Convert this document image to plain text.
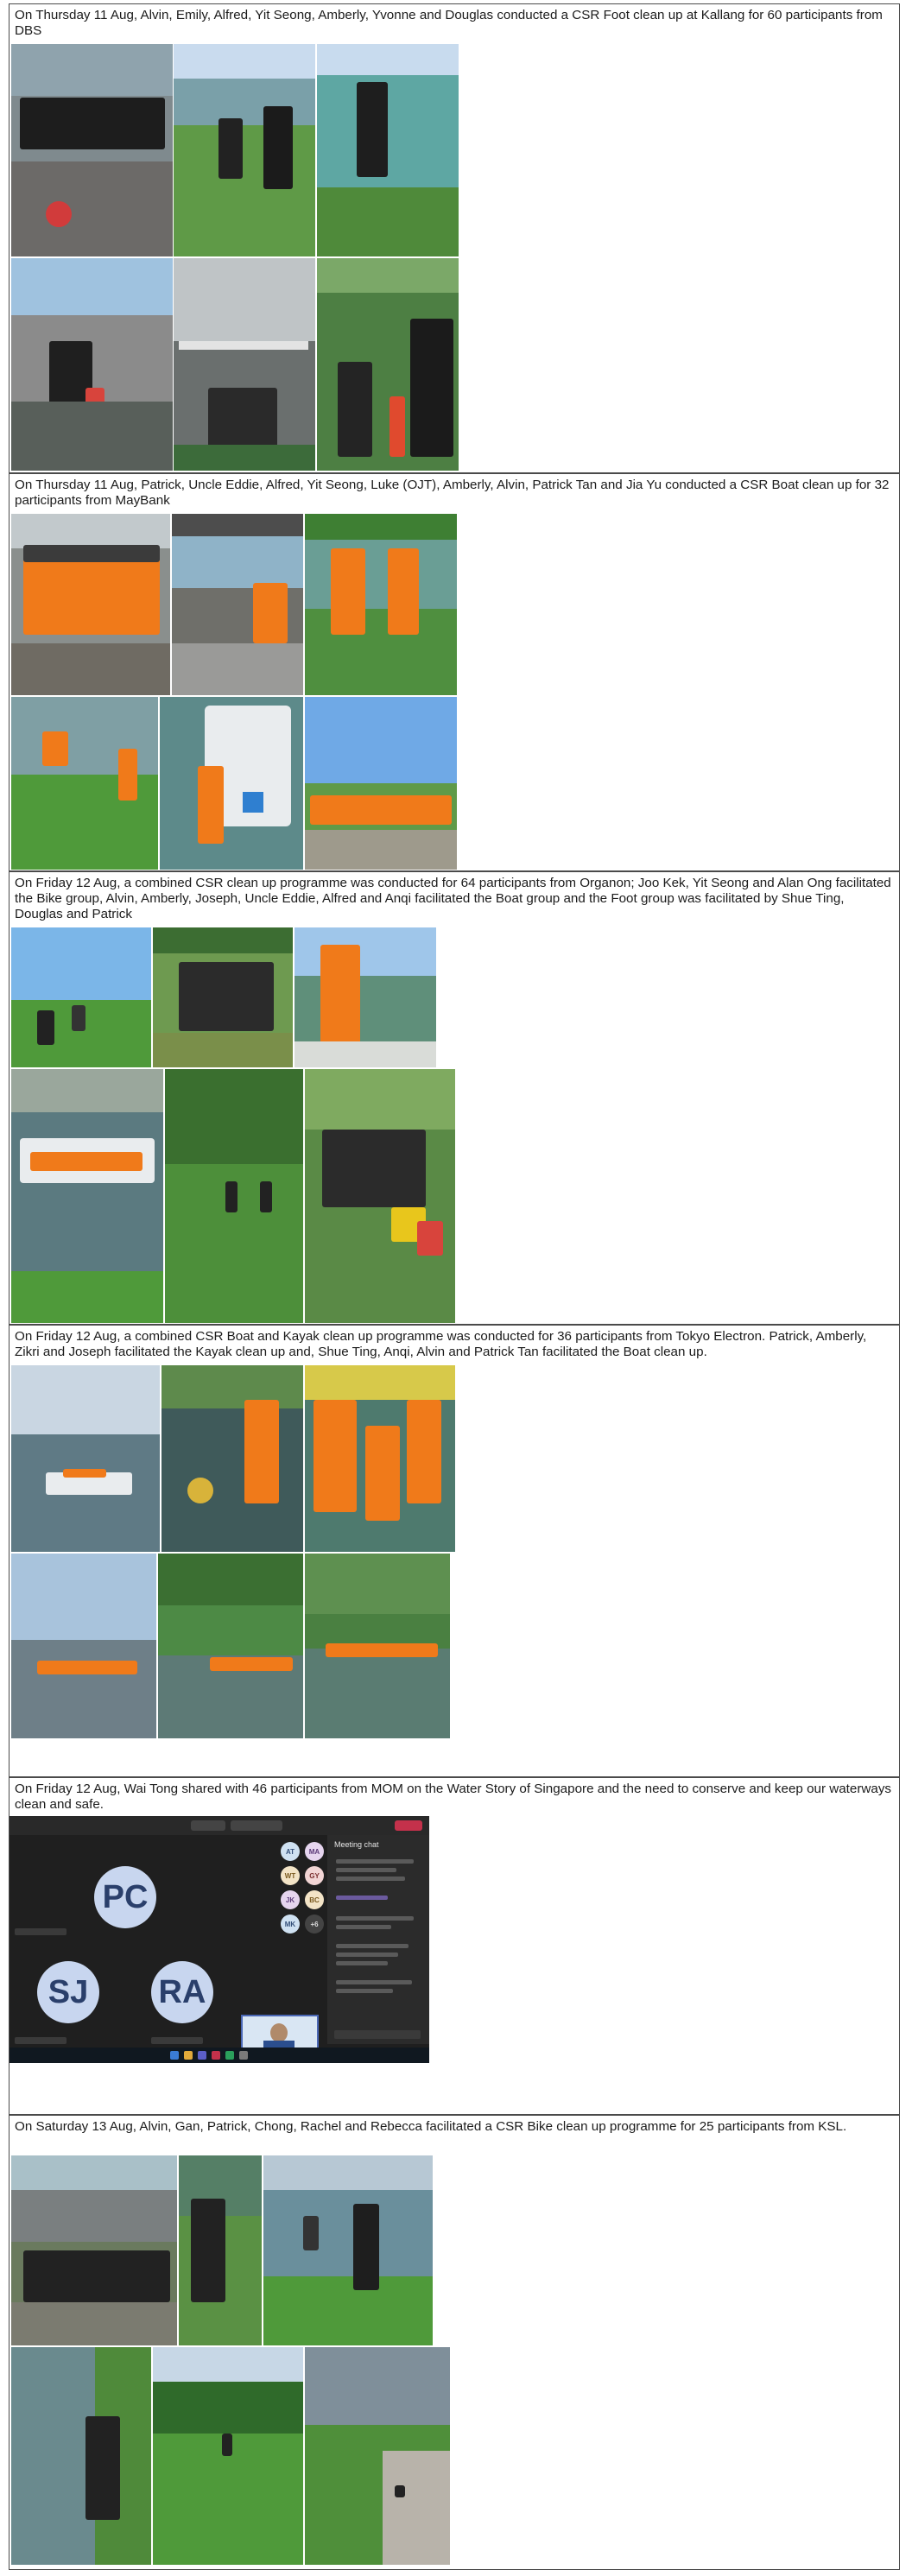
On Thursday 11 Aug, Alvin, Emily, Alfred, Yit Seong, Amberly, Yvonne and Douglas conducted a CSR Foot clean up at Kallang for 60 participants from DBS
On Thursday 11 Aug, Patrick, Uncle Eddie, Alfred, Yit Seong, Luke (OJT), Amberly, Alvin, Patrick Tan and Jia Yu conducted a CSR Boat clean up for 32 participants from MayBank
On Friday 12 Aug, a combined CSR clean up programme was conducted for 64 participants from Organon; Joo Kek, Yit Seong and Alan Ong facilitated the Bike group, Alvin, Amberly, Joseph, Uncle Eddie, Alfred and Anqi facilitated the Boat group and the Foot group was facilitated by Shue Ting, Douglas and Patrick
On Friday 12 Aug, a combined CSR Boat and Kayak clean up programme was conducted for 36 participants from Tokyo Electron. Patrick, Amberly, Zikri and Joseph facilitated the Kayak clean up and, Shue Ting, Anqi, Alvin and Patrick Tan facilitated the Boat clean up.
On Friday 12 Aug, Wai Tong shared with 46 participants from MOM on the Water Story of Singapore and the need to conserve and keep our waterways clean and safe.
PC
SJ	RA
AT	MA
WT	GY
JK	BC
MK	+6
Meeting chat
On Saturday 13 Aug, Alvin, Gan, Patrick, Chong, Rachel and Rebecca facilitated a CSR Bike clean up programme for 25 participants from KSL.
